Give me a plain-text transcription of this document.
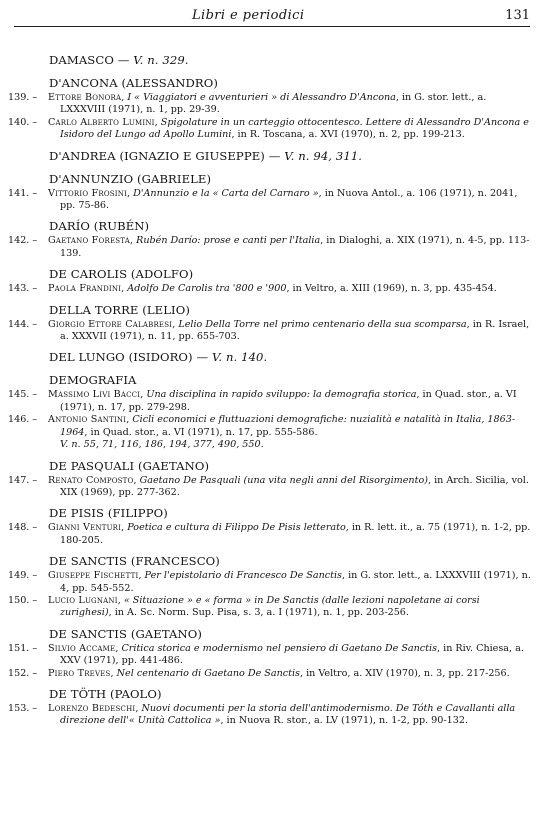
Libri e periodici	131
DAMASCO — V. n. 329.
D'ANCONA (ALESSANDRO)
139. –	Ettore Bonora, I « Viaggiatori e avventurieri » di Alessandro D'Ancona, in G. stor. lett., a. LXXXVIII (1971), n. 1, pp. 29-39.
140. –	Carlo Alberto Lumini, Spigolature in un carteggio ottocentesco. Lettere di Alessandro D'Ancona e Isidoro del Lungo ad Apollo Lumini, in R. Toscana, a. XVI (1970), n. 2, pp. 199-213.
D'ANDREA (IGNAZIO E GIUSEPPE) — V. n. 94, 311.
D'ANNUNZIO (GABRIELE)
141. –	Vittorio Frosini, D'Annunzio e la « Carta del Carnaro », in Nuova Antol., a. 106 (1971), n. 2041, pp. 75-86.
DARÍO (RUBÉN)
142. –	Gaetano Foresta, Rubén Darío: prose e canti per l'Italia, in Dialoghi, a. XIX (1971), n. 4-5, pp. 113-139.
DE CAROLIS (ADOLFO)
143. –	Paola Frandini, Adolfo De Carolis tra '800 e '900, in Veltro, a. XIII (1969), n. 3, pp. 435-454.
DELLA TORRE (LELIO)
144. –	Giorgio Ettore Calabresi, Lelio Della Torre nel primo centenario della sua scomparsa, in R. Israel, a. XXXVII (1971), n. 11, pp. 655-703.
DEL LUNGO (ISIDORO) — V. n. 140.
DEMOGRAFIA
145. –	Massimo Livi Bacci, Una disciplina in rapido sviluppo: la demografia storica, in Quad. stor., a. VI (1971), n. 17, pp. 279-298.
146. –	Antonio Santini, Cicli economici e fluttuazioni demografiche: nuzialità e natalità in Italia, 1863-1964, in Quad. stor., a. VI (1971), n. 17, pp. 555-586.
V. n. 55, 71, 116, 186, 194, 377, 490, 550.
DE PASQUALI (GAETANO)
147. –	Renato Composto, Gaetano De Pasquali (una vita negli anni del Risorgimento), in Arch. Sicilia, vol. XIX (1969), pp. 277-362.
DE PISIS (FILIPPO)
148. –	Gianni Venturi, Poetica e cultura di Filippo De Pisis letterato, in R. lett. it., a. 75 (1971), n. 1-2, pp. 180-205.
DE SANCTIS (FRANCESCO)
149. –	Giuseppe Fischetti, Per l'epistolario di Francesco De Sanctis, in G. stor. lett., a. LXXXVIII (1971), n. 4, pp. 545-552.
150. –	Lucio Lugnani, « Situazione » e « forma » in De Sanctis (dalle lezioni napoletane ai corsi zurighesi), in A. Sc. Norm. Sup. Pisa, s. 3, a. I (1971), n. 1, pp. 203-256.
DE SANCTIS (GAETANO)
151. –	Silvio Accame, Critica storica e modernismo nel pensiero di Gaetano De Sanctis, in Riv. Chiesa, a. XXV (1971), pp. 441-486.
152. –	Piero Treves, Nel centenario di Gaetano De Sanctis, in Veltro, a. XIV (1970), n. 3, pp. 217-256.
DE TÖTH (PAOLO)
153. –	Lorenzo Bedeschi, Nuovi documenti per la storia dell'antimodernismo. De Tóth e Cavallanti alla direzione dell'« Unità Cattolica », in Nuova R. stor., a. LV (1971), n. 1-2, pp. 90-132.
